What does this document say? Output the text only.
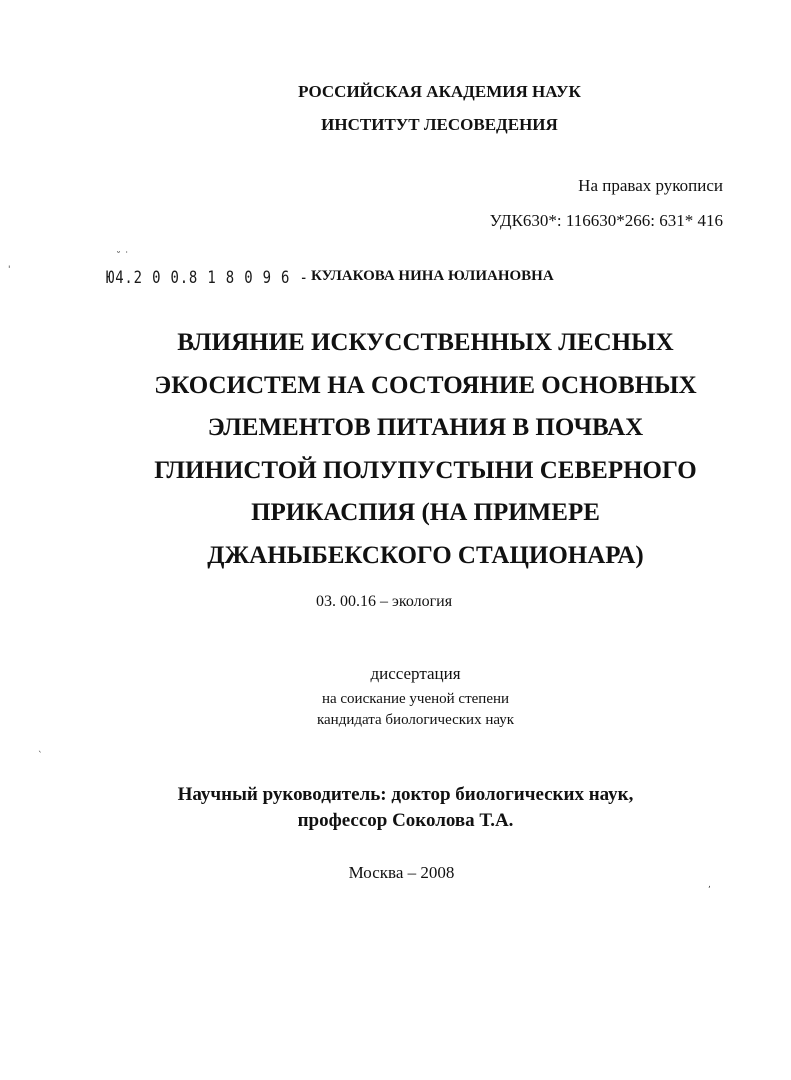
РОССИЙСКАЯ АКАДЕМИЯ НАУК
ИНСТИТУТ ЛЕСОВЕДЕНИЯ
На правах рукописи
УДК630*: 116630*266: 631* 416
˘ ˙
Ю4.2 0 0.8 1 8 0 9 6 - КУЛАКОВА НИНА ЮЛИАНОВНА
ВЛИЯНИЕ ИСКУССТВЕННЫХ ЛЕСНЫХ
ЭКОСИСТЕМ НА СОСТОЯНИЕ ОСНОВНЫХ
ЭЛЕМЕНТОВ ПИТАНИЯ В ПОЧВАХ
ГЛИНИСТОЙ ПОЛУПУСТЫНИ СЕВЕРНОГО
ПРИКАСПИЯ (НА ПРИМЕРЕ
ДЖАНЫБЕКСКОГО СТАЦИОНАРА)
03. 00.16 – экология
диссертация
на соискание ученой степени
кандидата биологических наук
Научный руководитель: доктор биологических наук,
профессор Соколова Т.А.
Москва – 2008
'
`
,
